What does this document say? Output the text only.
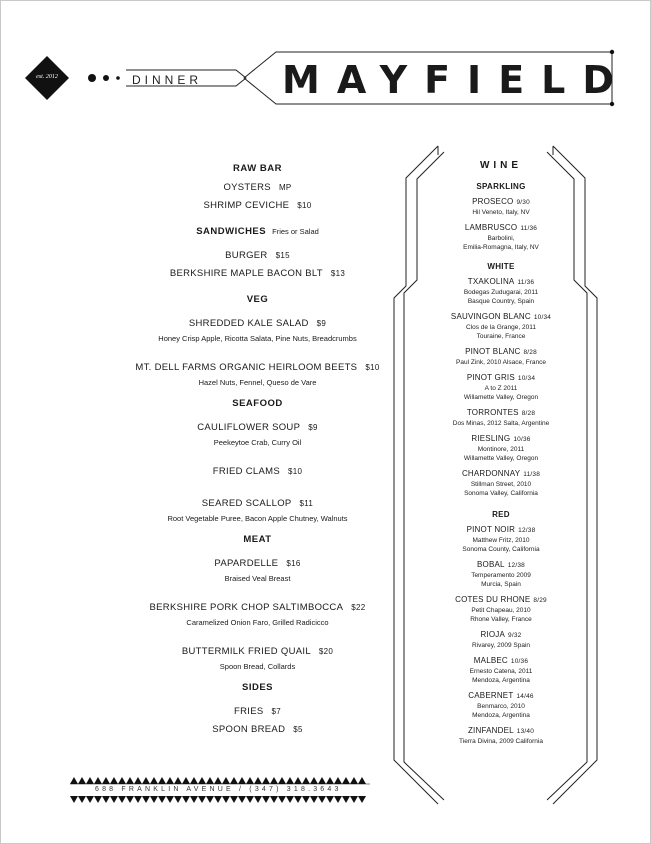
est. 2012	DINNER MAYFIELD
RAW BAR
OYSTERS MP
SHRIMP CEVICHE $10
SANDWICHES Fries or Salad
BURGER $15
BERKSHIRE MAPLE BACON BLT $13
VEG
SHREDDED KALE SALAD $9
Honey Crisp Apple, Ricotta Salata, Pine Nuts, Breadcrumbs
MT. DELL FARMS ORGANIC HEIRLOOM BEETS $10
Hazel Nuts, Fennel, Queso de Vare
SEAFOOD
CAULIFLOWER SOUP $9
Peekeytoe Crab, Curry Oil
FRIED CLAMS $10
SEARED SCALLOP $11
Root Vegetable Puree, Bacon Apple Chutney, Walnuts
MEAT
PAPARDELLE $16
Braised Veal Breast
BERKSHIRE PORK CHOP SALTIMBOCCA $22
Caramelized Onion Faro, Grilled Radicicco
BUTTERMILK FRIED QUAIL $20
Spoon Bread, Collards
SIDES
FRIES $7
SPOON BREAD $5
688 FRANKLIN AVENUE / (347) 318.3643
WINE
SPARKLING
PROSECO 9/30
Hil Veneto, Italy, NV
LAMBRUSCO 11/36
Barbolini,
Emilia-Romagna, Italy, NV
WHITE
TXAKOLINA 11/36
Bodegas Zudugarai, 2011
Basque Country, Spain
SAUVINGON BLANC 10/34
Clos de la Grange, 2011
Touraine, France
PINOT BLANC 8/28
Paul Zink, 2010 Alsace, France
PINOT GRIS 10/34
A to Z 2011
Willamette Valley, Oregon
TORRONTES 8/28
Dos Minas, 2012 Salta, Argentine
RIESLING 10/36
Montinore, 2011
Willamette Valley, Oregon
CHARDONNAY 11/38
Stillman Street, 2010
Sonoma Valley, California
RED
PINOT NOIR 12/38
Matthew Fritz, 2010
Sonoma County, California
BOBAL 12/38
Temperamento 2009
Murcia, Spain
COTES DU RHONE 8/29
Petit Chapeau, 2010
Rhone Valley, France
RIOJA 9/32
Rivarey, 2009 Spain
MALBEC 10/36
Ernesto Catena, 2011
Mendoza, Argentina
CABERNET 14/46
Benmarco, 2010
Mendoza, Argentina
ZINFANDEL 13/40
Tierra Divina, 2009 California
